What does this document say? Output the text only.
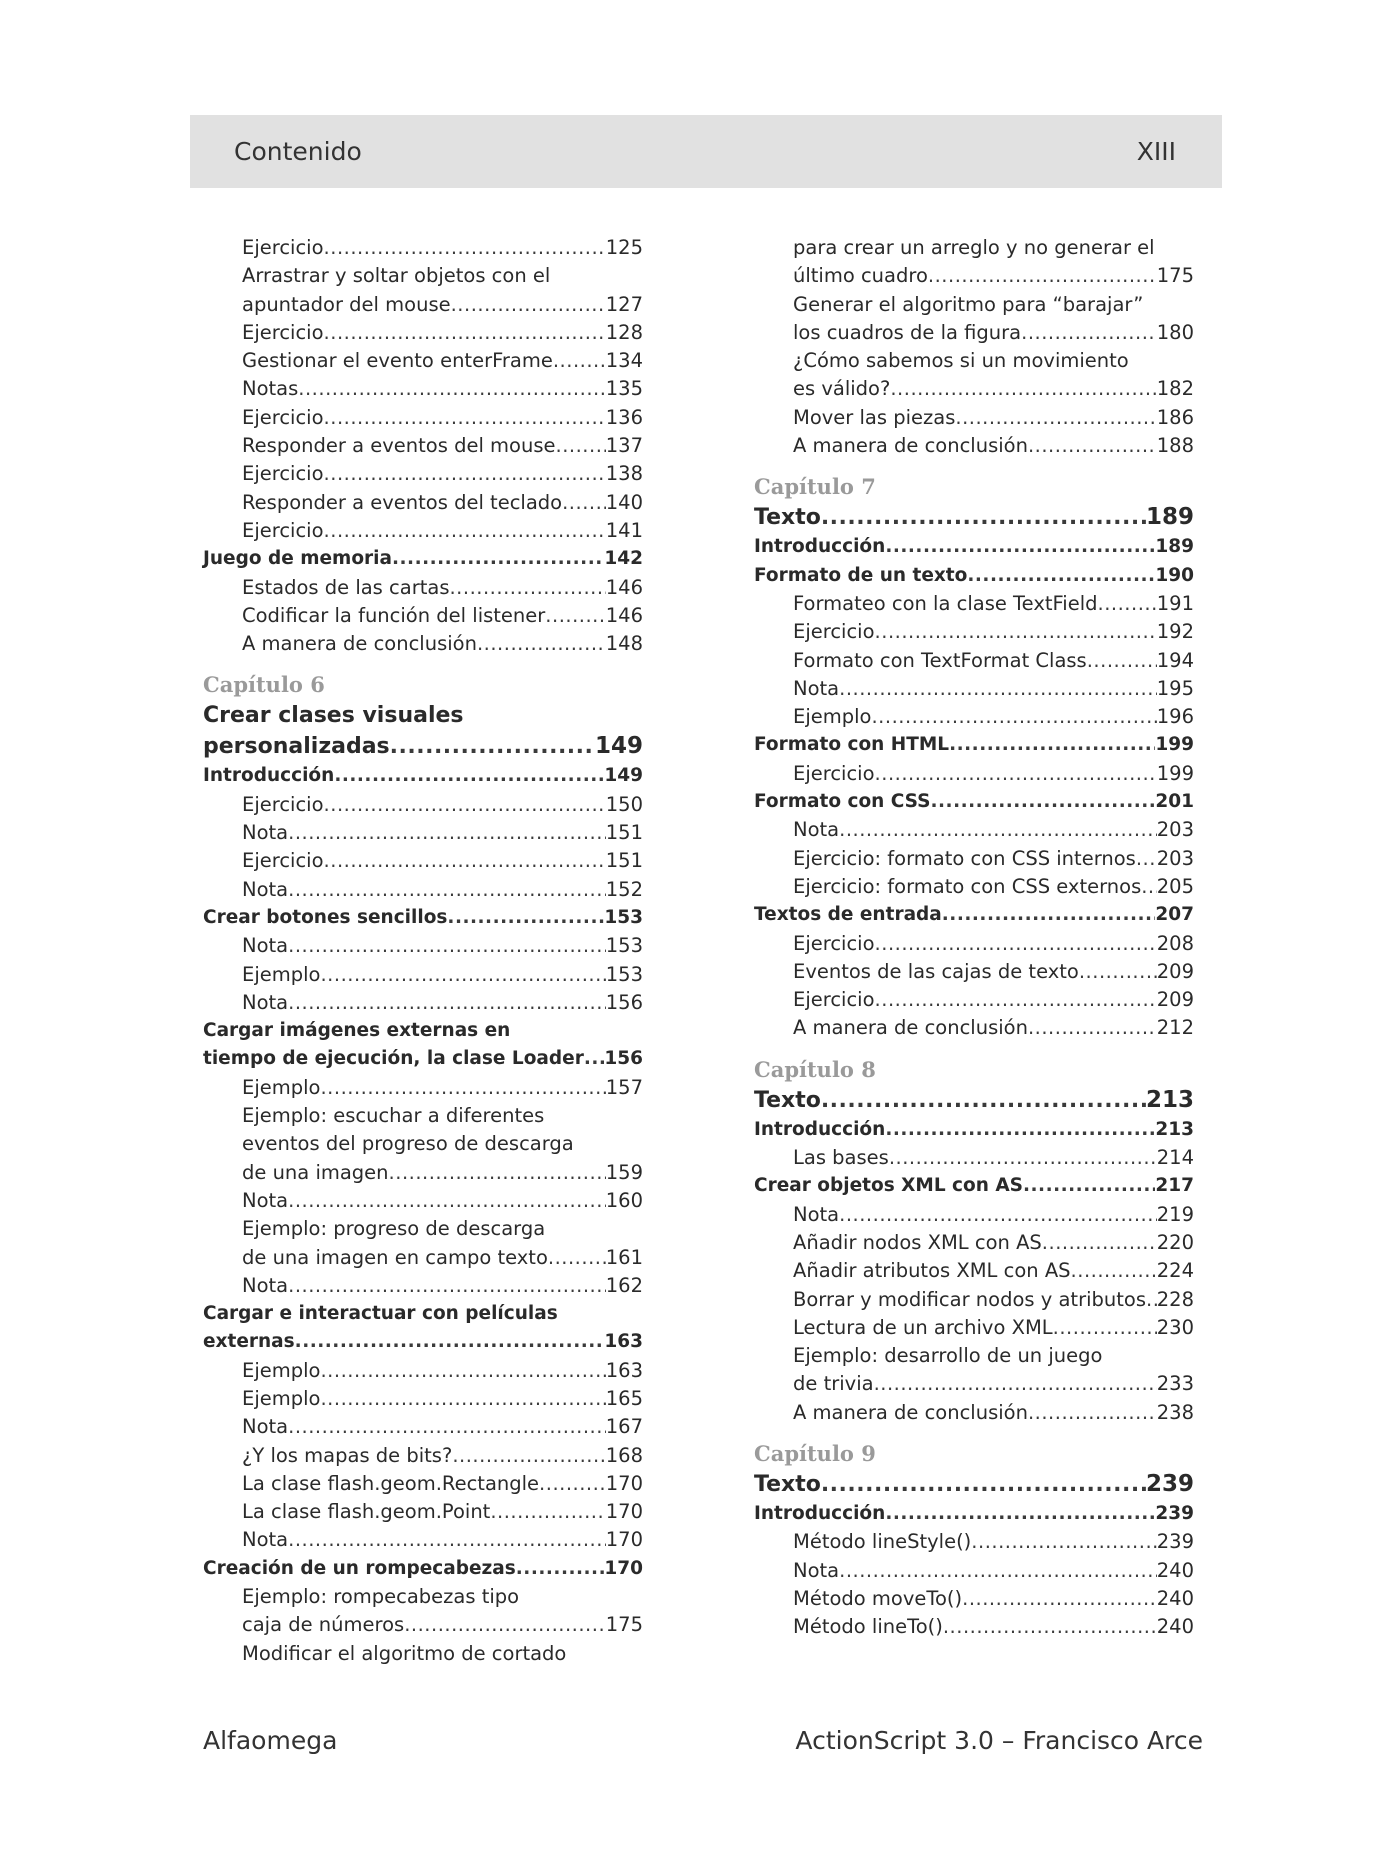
Contenido	XIII
Ejercicio .....	125
Arrastrar y soltar objetos con el
apuntador del mouse .....	127
Ejercicio .....	128
Gestionar el evento enterFrame .....	134
Notas .....	135
Ejercicio .....	136
Responder a eventos del mouse .....	137
Ejercicio .....	138
Responder a eventos del teclado ..... 140
Ejercicio .....	141
Juego de memoria .....	142
Estados de las cartas .....	146
Codificar la función del listener .....	146
A manera de conclusión .....	148
Capítulo 6
Crear clases visuales
personalizadas .....	149
Introducción .....	149
Ejercicio .....	150
Nota .....	151
Ejercicio .....	151
Nota .....	152
Crear botones sencillos .....	153
Nota .....	153
Ejemplo .....	153
Nota .....	156
Cargar imágenes externas en
tiempo de ejecución, la clase Loader ..... 156
Ejemplo .....	157
Ejemplo: escuchar a diferentes
eventos del progreso de descarga
de una imagen .....	159
Nota .....	160
Ejemplo: progreso de descarga
de una imagen en campo texto .....	161
Nota .....	162
Cargar e interactuar con películas
externas .....	163
Ejemplo .....	163
Ejemplo .....	165
Nota .....	167
¿Y los mapas de bits? .....	168
La clase flash.geom.Rectangle .....	170
La clase flash.geom.Point .....	170
Nota .....	170
Creación de un rompecabezas .....	170
Ejemplo: rompecabezas tipo
caja de números .....	175
Modificar el algoritmo de cortado
para crear un arreglo y no generar el
último cuadro .....	175
Generar el algoritmo para “barajar”
los cuadros de la figura .....	180
¿Cómo sabemos si un movimiento
es válido? .....	182
Mover las piezas .....	186
A manera de conclusión .....	188
Capítulo 7
Texto .....	189
Introducción .....	189
Formato de un texto .....	190
Formateo con la clase TextField .....	191
Ejercicio .....	192
Formato con TextFormat Class .....	194
Nota .....	195
Ejemplo .....	196
Formato con HTML .....	199
Ejercicio .....	199
Formato con CSS .....	201
Nota .....	203
Ejercicio: formato con CSS internos ..... 203
Ejercicio: formato con CSS externos ..... 205
Textos de entrada .....	207
Ejercicio .....	208
Eventos de las cajas de texto .....	209
Ejercicio .....	209
A manera de conclusión .....	212
Capítulo 8
Texto .....	213
Introducción .....	213
Las bases .....	214
Crear objetos XML con AS .....	217
Nota .....	219
Añadir nodos XML con AS .....	220
Añadir atributos XML con AS .....	224
Borrar y modificar nodos y atributos ..... 228
Lectura de un archivo XML .....	230
Ejemplo: desarrollo de un juego
de trivia .....	233
A manera de conclusión .....	238
Capítulo 9
Texto .....	239
Introducción .....	239
Método lineStyle() .....	239
Nota .....	240
Método moveTo() .....	240
Método lineTo() .....	240
Alfaomega	ActionScript 3.0 – Francisco Arce
